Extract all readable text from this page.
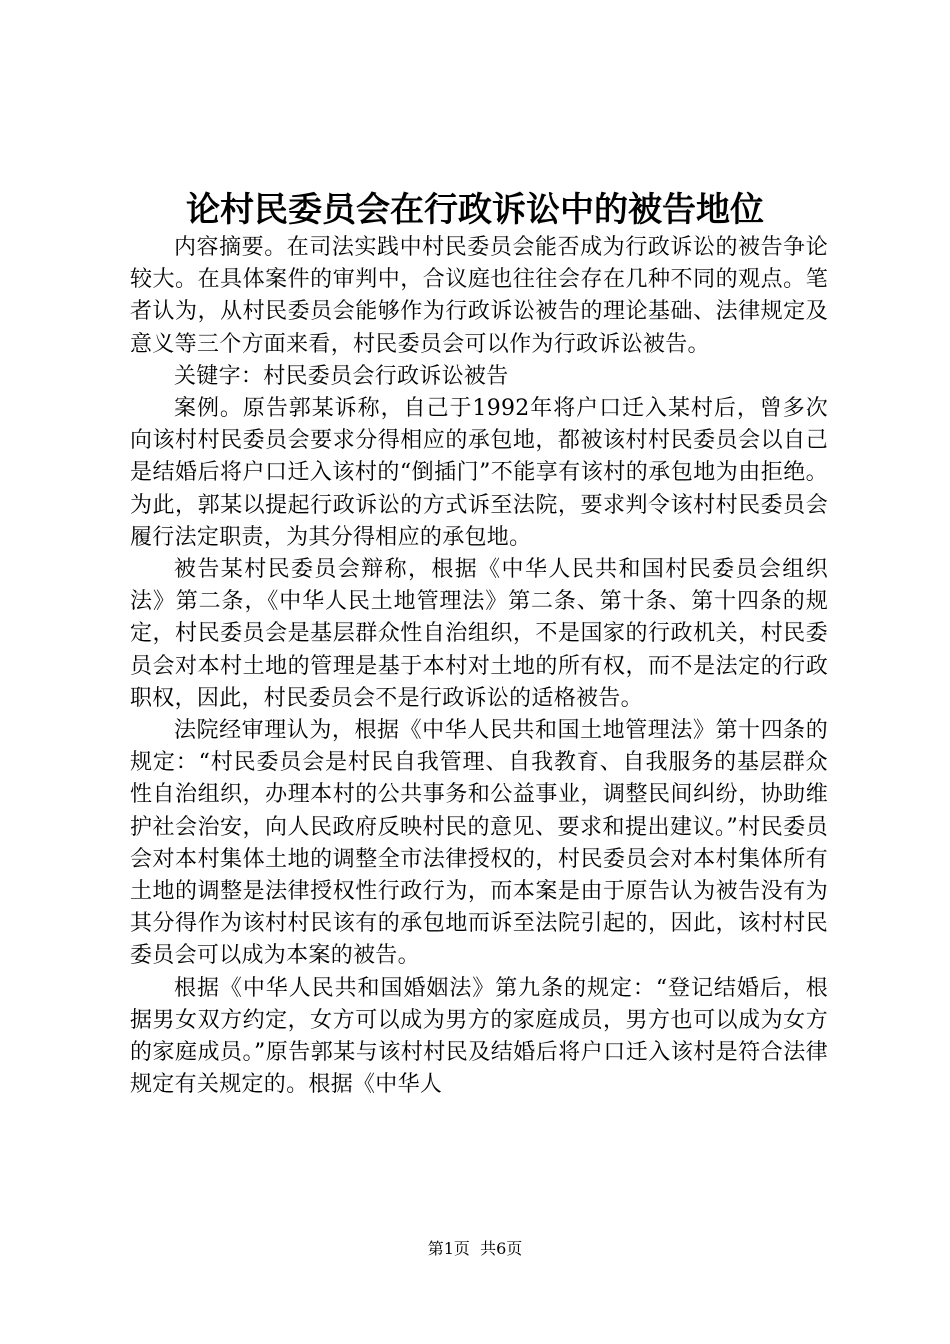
论村民委员会在行政诉讼中的被告地位

内容摘要。在司法实践中村民委员会能否成为行政诉讼的被告争论较大。在具体案件的审判中，合议庭也往往会存在几种不同的观点。笔者认为，从村民委员会能够作为行政诉讼被告的理论基础、法律规定及意义等三个方面来看，村民委员会可以作为行政诉讼被告。

关键字：村民委员会行政诉讼被告

案例。原告郭某诉称，自己于1992年将户口迁入某村后，曾多次向该村村民委员会要求分得相应的承包地，都被该村村民委员会以自己是结婚后将户口迁入该村的“倒插门”不能享有该村的承包地为由拒绝。为此，郭某以提起行政诉讼的方式诉至法院，要求判令该村村民委员会履行法定职责，为其分得相应的承包地。

被告某村民委员会辩称，根据《中华人民共和国村民委员会组织法》第二条，《中华人民土地管理法》第二条、第十条、第十四条的规定，村民委员会是基层群众性自治组织，不是国家的行政机关，村民委员会对本村土地的管理是基于本村对土地的所有权，而不是法定的行政职权，因此，村民委员会不是行政诉讼的适格被告。

法院经审理认为，根据《中华人民共和国土地管理法》第十四条的规定：“村民委员会是村民自我管理、自我教育、自我服务的基层群众性自治组织，办理本村的公共事务和公益事业，调整民间纠纷，协助维护社会治安，向人民政府反映村民的意见、要求和提出建议。”村民委员会对本村集体土地的调整全市法律授权的，村民委员会对本村集体所有土地的调整是法律授权性行政行为，而本案是由于原告认为被告没有为其分得作为该村村民该有的承包地而诉至法院引起的，因此，该村村民委员会可以成为本案的被告。

根据《中华人民共和国婚姻法》第九条的规定：“登记结婚后，根据男女双方约定，女方可以成为男方的家庭成员，男方也可以成为女方的家庭成员。”原告郭某与该村村民及结婚后将户口迁入该村是符合法律规定有关规定的。根据《中华人

第1页  共6页
